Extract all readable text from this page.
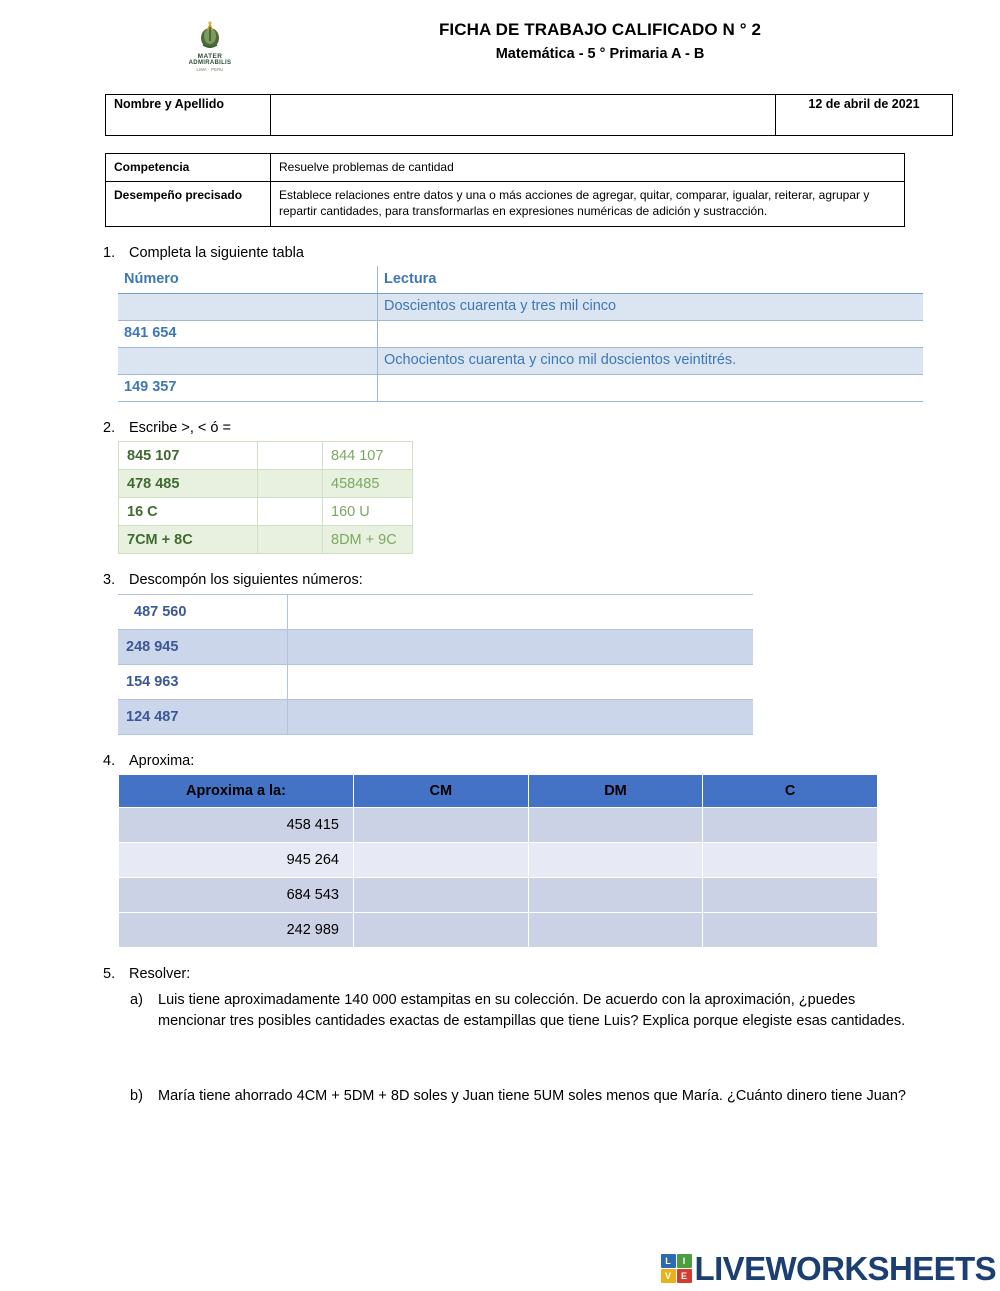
MATER
ADMIRABILIS
LIMA · PERU
FICHA DE TRABAJO CALIFICADO N ° 2
Matemática - 5 ° Primaria A - B
Nombre y Apellido		12 de abril de 2021
Competencia	Resuelve problemas de cantidad
Desempeño precisado	Establece relaciones entre datos y una o más acciones de agregar, quitar, comparar, igualar, reiterar, agrupar y repartir cantidades, para transformarlas en expresiones numéricas de adición y sustracción.
1. Completa la siguiente tabla
Número	Lectura
	Doscientos cuarenta y tres mil cinco
841 654	
	Ochocientos cuarenta y cinco mil doscientos veintitrés.
149 357	
2. Escribe >, < ó =
845 107		844 107
478 485		458485
16 C		160 U
7CM + 8C		8DM + 9C
3. Descompón los siguientes números:
487 560	
248 945	
154 963	
124 487	
4. Aproxima:
Aproxima a la:	CM	DM	C
458 415			
945 264			
684 543			
242 989			
5. Resolver:
a)	Luis tiene aproximadamente 140 000 estampitas en su colección. De acuerdo con la aproximación, ¿puedes mencionar tres posibles cantidades exactas de estampillas que tiene Luis? Explica porque elegiste esas cantidades.
b)	María tiene ahorrado 4CM + 5DM + 8D soles y Juan tiene 5UM soles menos que María. ¿Cuánto dinero tiene Juan?
L	I
V	E LIVEWORKSHEETS
